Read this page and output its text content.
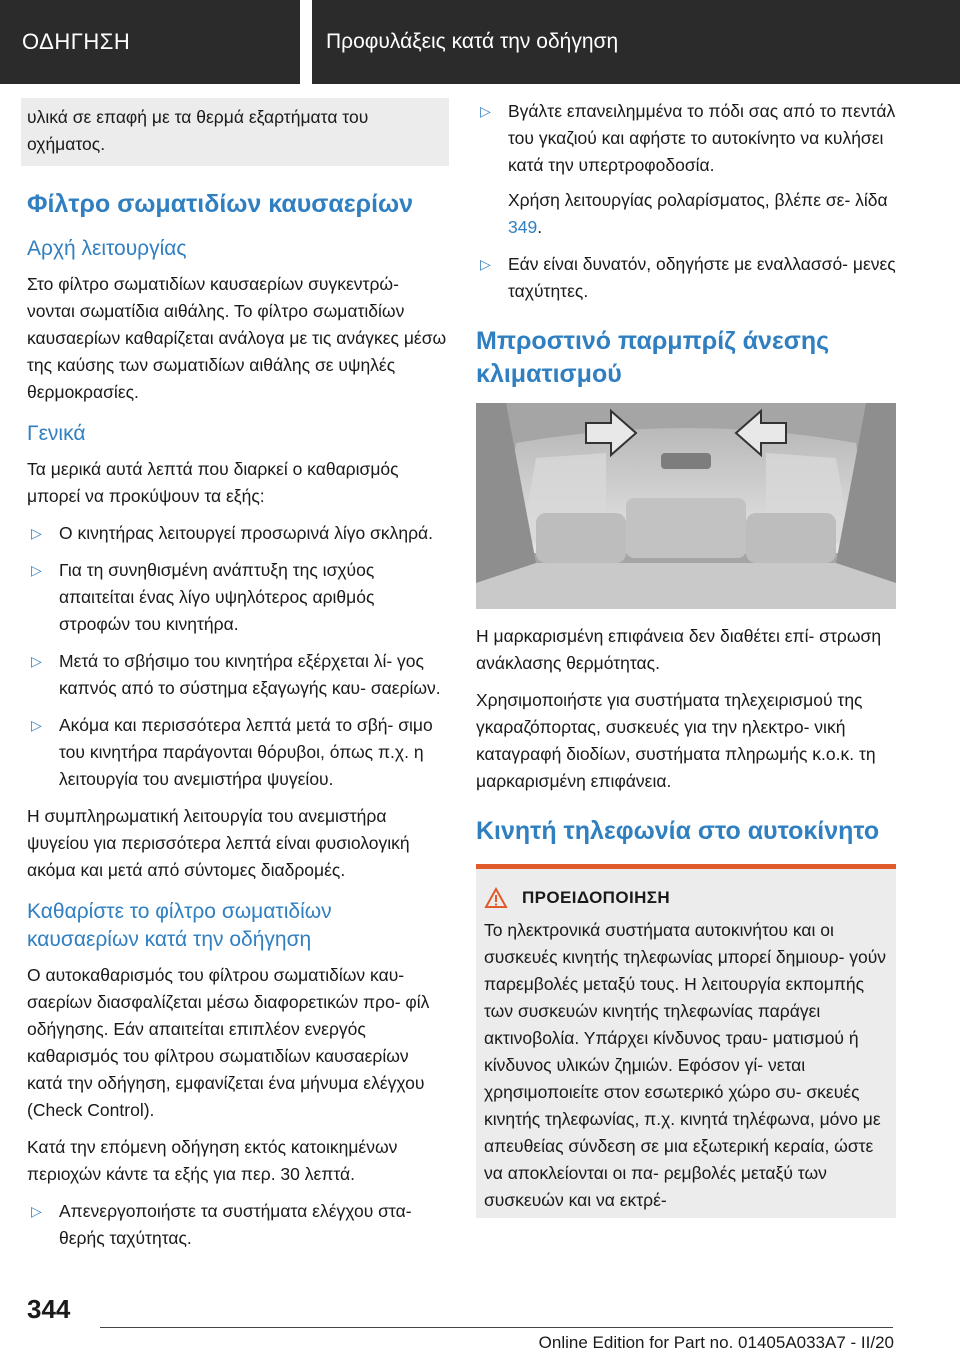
ΟΔΗΓΗΣΗ	Προφυλάξεις κατά την οδήγηση

υλικά σε επαφή με τα θερμά εξαρτήματα του οχήματος.

Φίλτρο σωματιδίων καυσαερίων
Αρχή λειτουργίας

Στο φίλτρο σωματιδίων καυσαερίων συγκεντρώ- νονται σωματίδια αιθάλης. Το φίλτρο σωματιδίων καυσαερίων καθαρίζεται ανάλογα με τις ανάγκες μέσω της καύσης των σωματιδίων αιθάλης σε υψηλές θερμοκρασίες.

Γενικά

Τα μερικά αυτά λεπτά που διαρκεί ο καθαρισμός μπορεί να προκύψουν τα εξής:

▷ Ο κινητήρας λειτουργεί προσωρινά λίγο σκληρά.
▷ Για τη συνηθισμένη ανάπτυξη της ισχύος απαιτείται ένας λίγο υψηλότερος αριθμός στροφών του κινητήρα.
▷ Μετά το σβήσιμο του κινητήρα εξέρχεται λί- γος καπνός από το σύστημα εξαγωγής καυ- σαερίων.
▷ Ακόμα και περισσότερα λεπτά μετά το σβή- σιμο του κινητήρα παράγονται θόρυβοι, όπως π.χ. η λειτουργία του ανεμιστήρα ψυγείου.

Η συμπληρωματική λειτουργία του ανεμιστήρα ψυγείου για περισσότερα λεπτά είναι φυσιολογική ακόμα και μετά από σύντομες διαδρομές.

Καθαρίστε το φίλτρο σωματιδίων καυσαερίων κατά την οδήγηση

Ο αυτοκαθαρισμός του φίλτρου σωματιδίων καυ- σαερίων διασφαλίζεται μέσω διαφορετικών προ- φίλ οδήγησης. Εάν απαιτείται επιπλέον ενεργός καθαρισμός του φίλτρου σωματιδίων καυσαερίων κατά την οδήγηση, εμφανίζεται ένα μήνυμα ελέγχου (Check Control).

Κατά την επόμενη οδήγηση εκτός κατοικημένων περιοχών κάντε τα εξής για περ. 30 λεπτά.

▷ Απενεργοποιήστε τα συστήματα ελέγχου στα- θερής ταχύτητας.
▷ Βγάλτε επανειλημμένα το πόδι σας από το πεντάλ του γκαζιού και αφήστε το αυτοκίνητο να κυλήσει κατά την υπερτροφοδοσία.
Χρήση λειτουργίας ρολαρίσματος, βλέπε σε- λίδα 349.
▷ Εάν είναι δυνατόν, οδηγήστε με εναλλασσό- μενες ταχύτητες.
Μπροστινό παρμπρίζ άνεσης κλιματισμού

Η μαρκαρισμένη επιφάνεια δεν διαθέτει επί- στρωση ανάκλασης θερμότητας.

Χρησιμοποιήστε για συστήματα τηλεχειρισμού της γκαραζόπορτας, συσκευές για την ηλεκτρο- νική καταγραφή διοδίων, συστήματα πληρωμής κ.ο.κ. τη μαρκαρισμένη επιφάνεια.

Κινητή τηλεφωνία στο αυτοκίνητο
ΠΡΟΕΙΔΟΠΟΙΗΣΗ

Το ηλεκτρονικά συστήματα αυτοκινήτου και οι συσκευές κινητής τηλεφωνίας μπορεί δημιουρ- γούν παρεμβολές μεταξύ τους. Η λειτουργία εκπομπής των συσκευών κινητής τηλεφωνίας παράγει ακτινοβολία. Υπάρχει κίνδυνος τραυ- ματισμού ή κίνδυνος υλικών ζημιών. Εφόσον γί- νεται χρησιμοποιείτε στον εσωτερικό χώρο συ- σκευές κινητής τηλεφωνίας, π.χ. κινητά τηλέφωνα, μόνο με απευθείας σύνδεση σε μια εξωτερική κεραία, ώστε να αποκλείονται οι πα- ρεμβολές μεταξύ των συσκευών και να εκτρέ-

344
Online Edition for Part no. 01405A033A7 - II/20
